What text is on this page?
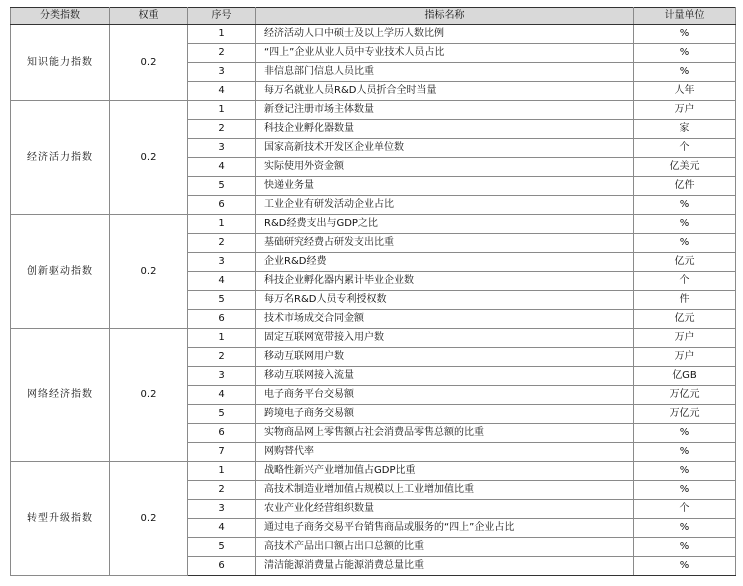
分类指数	权重	序号	指标名称	计量单位
知识能力指数	0.2	1	经济活动人口中硕士及以上学历人数比例	%
		2	“四上”企业从业人员中专业技术人员占比	%
		3	非信息部门信息人员比重	%
		4	每万名就业人员R&D人员折合全时当量	人年
经济活力指数	0.2	1	新登记注册市场主体数量	万户
		2	科技企业孵化器数量	家
		3	国家高新技术开发区企业单位数	个
		4	实际使用外资金额	亿美元
		5	快递业务量	亿件
		6	工业企业有研发活动企业占比	%
创新驱动指数	0.2	1	R&D经费支出与GDP之比	%
		2	基础研究经费占研发支出比重	%
		3	企业R&D经费	亿元
		4	科技企业孵化器内累计毕业企业数	个
		5	每万名R&D人员专利授权数	件
		6	技术市场成交合同金额	亿元
网络经济指数	0.2	1	固定互联网宽带接入用户数	万户
		2	移动互联网用户数	万户
		3	移动互联网接入流量	亿GB
		4	电子商务平台交易额	万亿元
		5	跨境电子商务交易额	万亿元
		6	实物商品网上零售额占社会消费品零售总额的比重	%
		7	网购替代率	%
转型升级指数	0.2	1	战略性新兴产业增加值占GDP比重	%
		2	高技术制造业增加值占规模以上工业增加值比重	%
		3	农业产业化经营组织数量	个
		4	通过电子商务交易平台销售商品或服务的“四上”企业占比	%
		5	高技术产品出口额占出口总额的比重	%
		6	清洁能源消费量占能源消费总量比重	%
